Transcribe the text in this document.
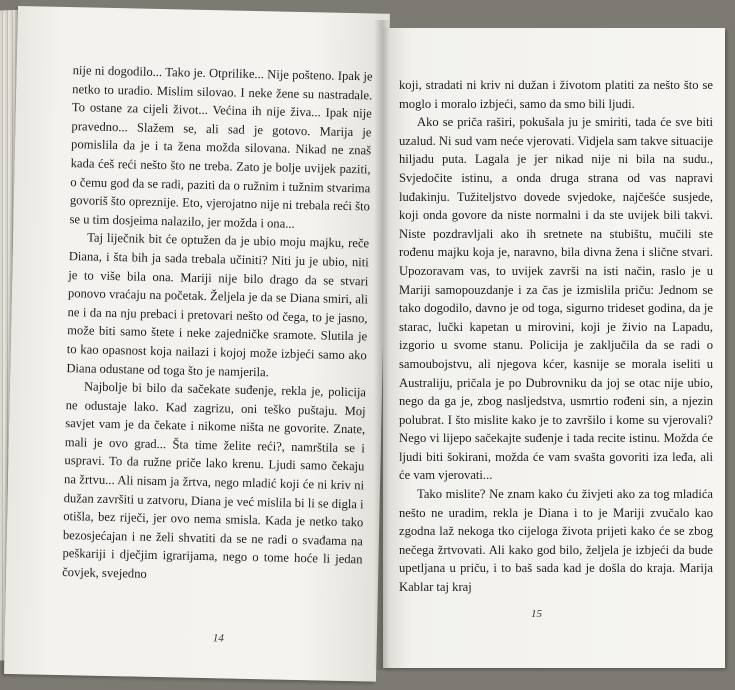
nije ni dogodilo... Tako je. Otprilike... Nije pošteno. Ipak je netko to uradio. Mislim silovao. I neke žene su nastradale. To ostane za cijeli život... Većina ih nije živa... Ipak nije pravedno... Slažem se, ali sad je gotovo. Marija je pomislila da je i ta žena možda silovana. Nikad ne znaš kada ćeš reći nešto što ne treba. Zato je bolje uvijek paziti, o čemu god da se radi, paziti da o ružnim i tužnim stvarima govoriš što opreznije. Eto, vjerojatno nije ni trebala reći što se u tim dosjeima nalazilo, jer možda i ona...

Taj liječnik bit će optužen da je ubio moju majku, reče Diana, i šta bih ja sada trebala učiniti? Niti ju je ubio, niti je to više bila ona. Mariji nije bilo drago da se stvari ponovo vraćaju na početak. Željela je da se Diana smiri, ali ne i da na nju prebaci i pretovari nešto od čega, to je jasno, može biti samo štete i neke zajedničke sramote. Slutila je to kao opasnost koja nailazi i kojoj može izbjeći samo ako Diana odustane od toga što je namjerila.

Najbolje bi bilo da sačekate suđenje, rekla je, policija ne odustaje lako. Kad zagrizu, oni teško puštaju. Moj savjet vam je da čekate i nikome ništa ne govorite. Znate, mali je ovo grad... Šta time želite reći?, namrštila se i uspravi. To da ružne priče lako krenu. Ljudi samo čekaju na žrtvu... Ali nisam ja žrtva, nego mladić koji će ni kriv ni dužan završiti u zatvoru, Diana je već mislila bi li se digla i otišla, bez riječi, jer ovo nema smisla. Kada je netko tako bezosjećajan i ne želi shvatiti da se ne radi o svađama na peškariji i dječjim igrarijama, nego o tome hoće li jedan čovjek, svejedno

14

koji, stradati ni kriv ni dužan i životom platiti za nešto što se moglo i moralo izbjeći, samo da smo bili ljudi.

Ako se priča raširi, pokušala ju je smiriti, tada će sve biti uzalud. Ni sud vam neće vjerovati. Vidjela sam takve situacije hiljadu puta. Lagala je jer nikad nije ni bila na sudu., Svjedočite istinu, a onda druga strana od vas napravi luđakinju. Tužiteljstvo dovede svjedoke, najčešće susjede, koji onda govore da niste normalni i da ste uvijek bili takvi. Niste pozdravljali ako ih sretnete na stubištu, mučili ste rođenu majku koja je, naravno, bila divna žena i slične stvari. Upozoravam vas, to uvijek završi na isti način, raslo je u Mariji samopouzdanje i za čas je izmislila priču: Jednom se tako dogodilo, davno je od toga, sigurno trideset godina, da je starac, lučki kapetan u mirovini, koji je živio na Lapadu, izgorio u svome stanu. Policija je zaključila da se radi o samoubojstvu, ali njegova kćer, kasnije se morala iseliti u Australiju, pričala je po Dubrovniku da joj se otac nije ubio, nego da ga je, zbog nasljedstva, usmrtio rođeni sin, a njezin polubrat. I što mislite kako je to završilo i kome su vjerovali? Nego vi lijepo sačekajte suđenje i tada recite istinu. Možda će ljudi biti šokirani, možda će vam svašta govoriti iza leđa, ali će vam vjerovati...

Tako mislite? Ne znam kako ću živjeti ako za tog mladića nešto ne uradim, rekla je Diana i to je Mariji zvučalo kao zgodna laž nekoga tko cijeloga života prijeti kako će se zbog nečega žrtvovati. Ali kako god bilo, željela je izbjeći da bude upetljana u priču, i to baš sada kad je došla do kraja. Marija Kablar taj kraj

15
